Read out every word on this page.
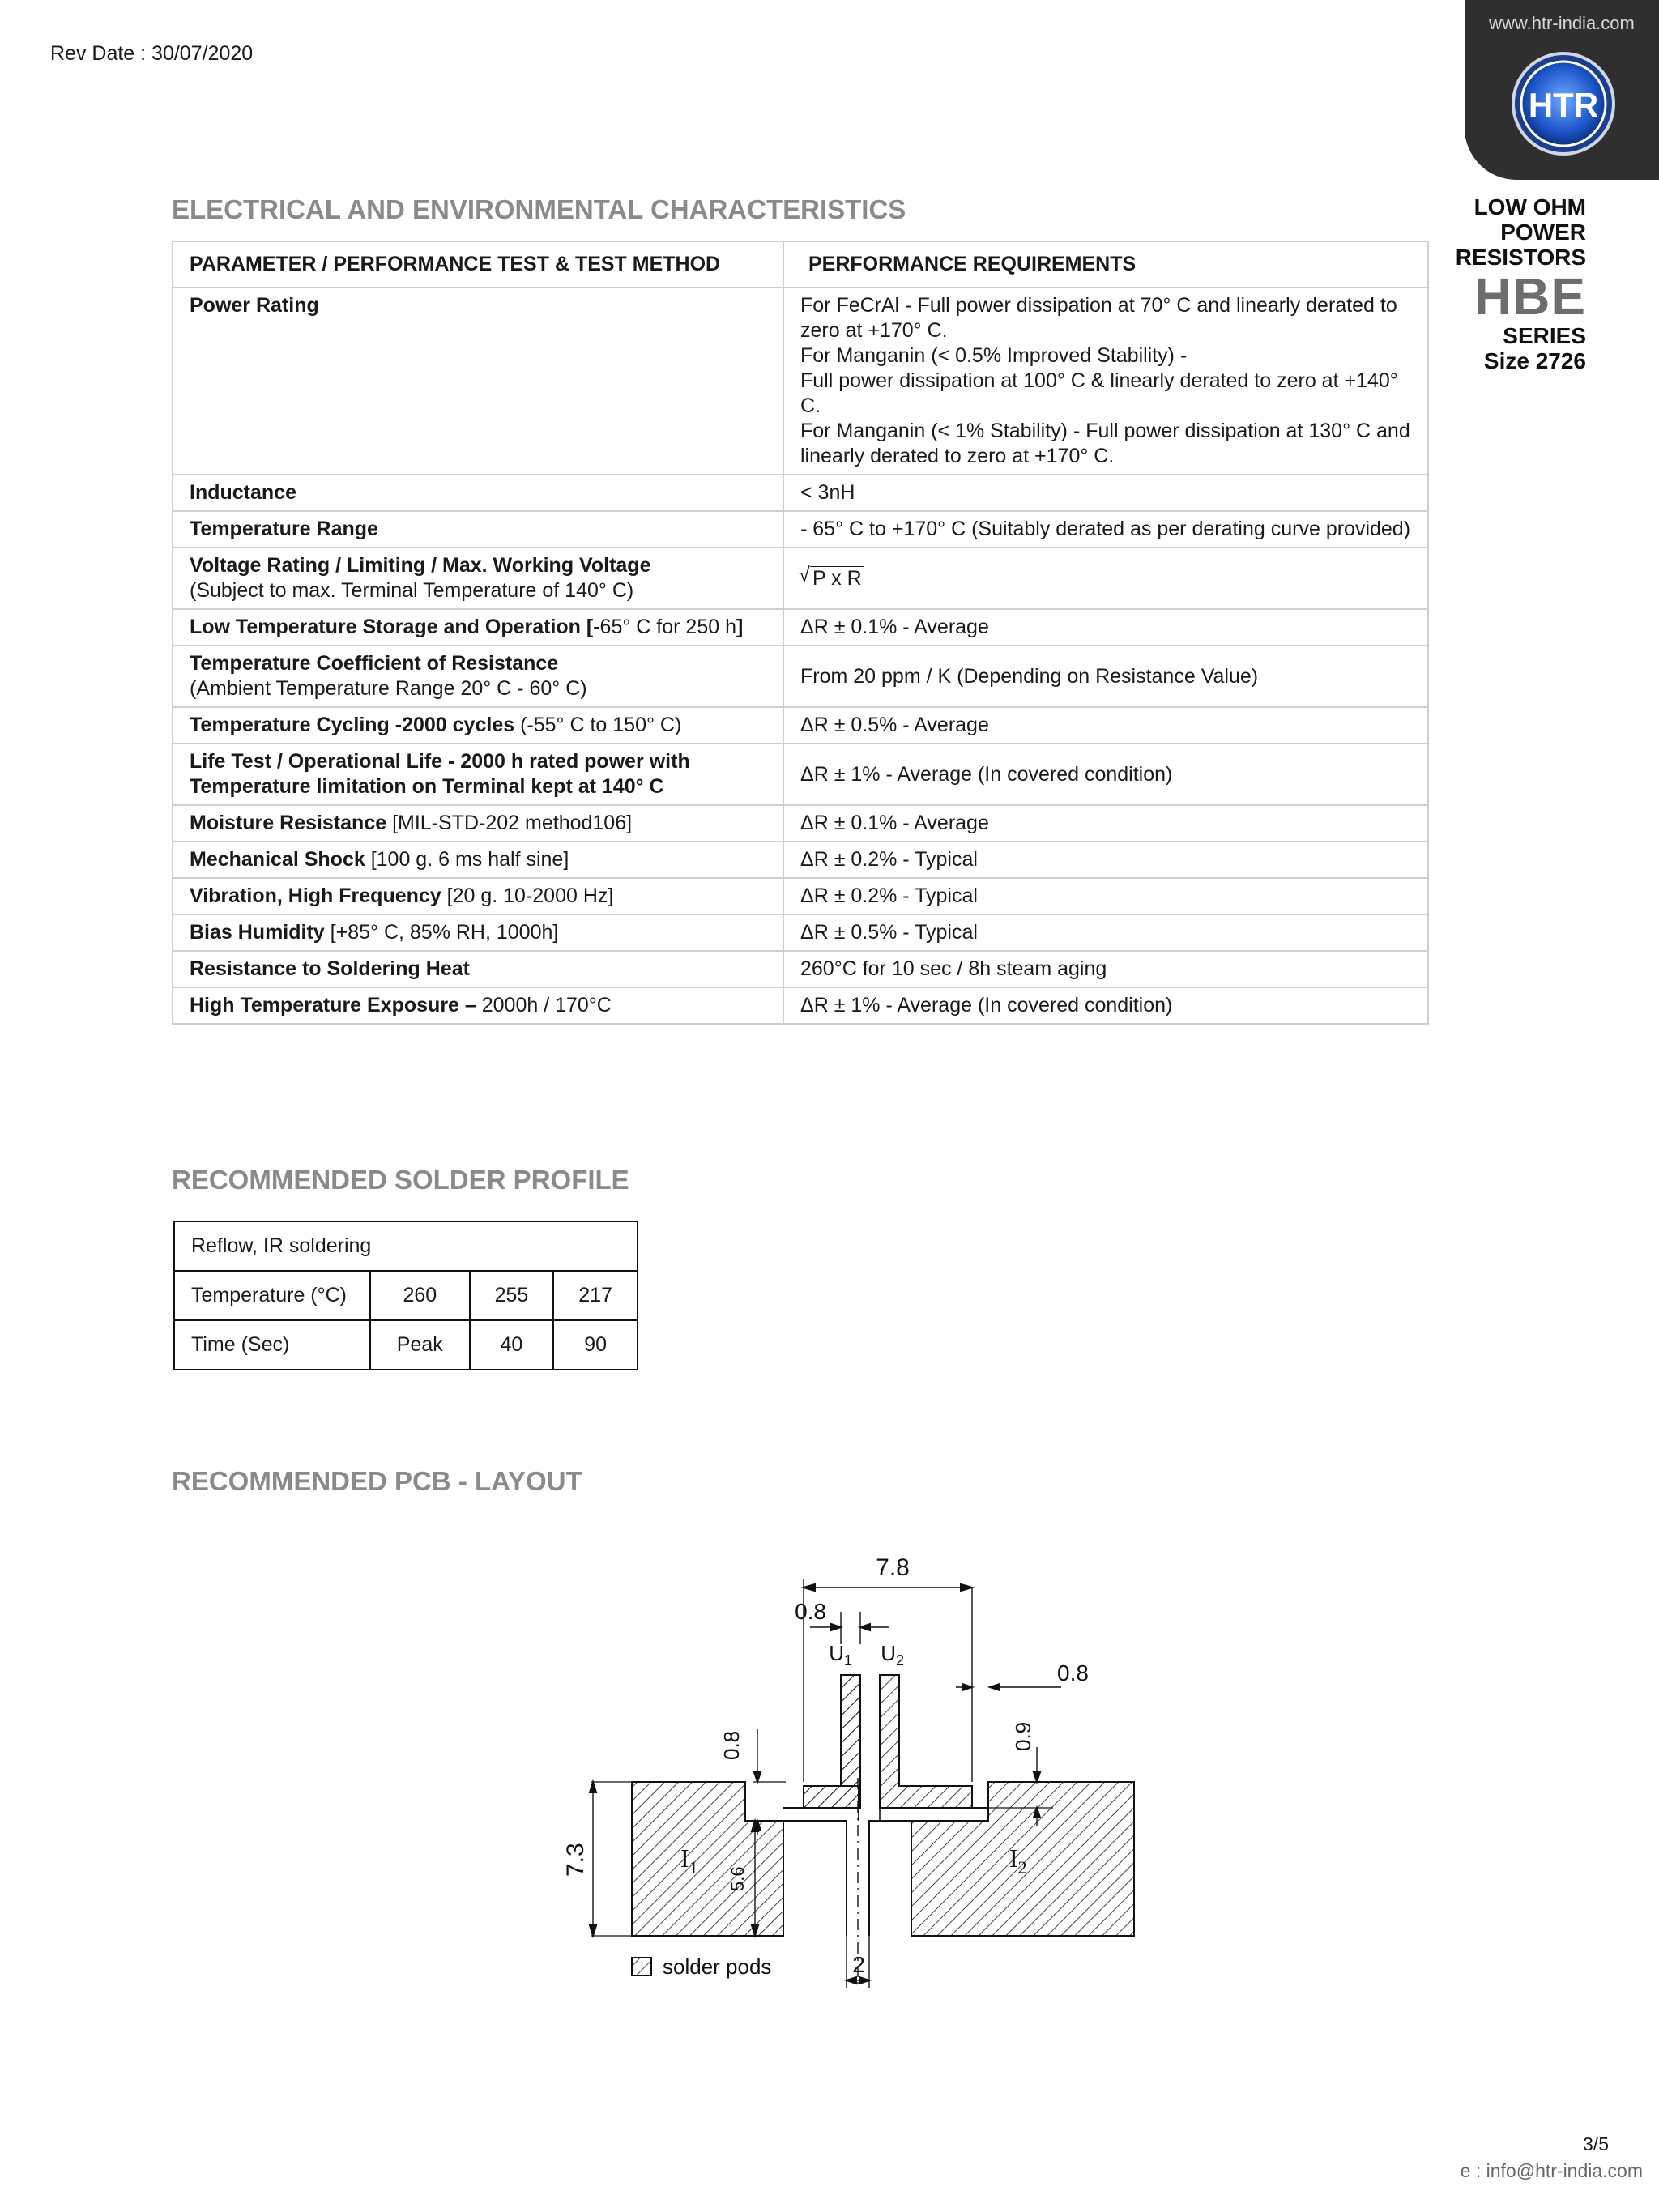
Rev Date : 30/07/2020
www.htr-india.com
HTR
LOW OHM
POWER
RESISTORS
HBE
SERIES
Size 2726
ELECTRICAL AND ENVIRONMENTAL CHARACTERISTICS
PARAMETER / PERFORMANCE TEST & TEST METHOD	PERFORMANCE REQUIREMENTS
Power Rating	For FeCrAl - Full power dissipation at 70° C and linearly derated to zero at +170° C.
For Manganin (< 0.5% Improved Stability) -
Full power dissipation at 100° C & linearly derated to zero at +140° C.
For Manganin (< 1% Stability) - Full power dissipation at 130° C and linearly derated to zero at +170° C.
Inductance	< 3nH
Temperature Range	- 65° C to +170° C (Suitably derated as per derating curve provided)
Voltage Rating / Limiting / Max. Working Voltage
(Subject to max. Terminal Temperature of 140° C)	√ P x R
Low Temperature Storage and Operation [-65° C for 250 h]	ΔR ± 0.1% - Average
Temperature Coefficient of Resistance
(Ambient Temperature Range 20° C - 60° C)	From 20 ppm / K (Depending on Resistance Value)
Temperature Cycling -2000 cycles (-55° C to 150° C)	ΔR ± 0.5% - Average
Life Test / Operational Life - 2000 h rated power with Temperature limitation on Terminal kept at 140° C	ΔR ± 1% - Average (In covered condition)
Moisture Resistance [MIL-STD-202 method106]	ΔR ± 0.1% - Average
Mechanical Shock [100 g. 6 ms half sine]	ΔR ± 0.2% - Typical
Vibration, High Frequency [20 g. 10-2000 Hz]	ΔR ± 0.2% - Typical
Bias Humidity [+85° C, 85% RH, 1000h]	ΔR ± 0.5% - Typical
Resistance to Soldering Heat	260°C for 10 sec / 8h steam aging
High Temperature Exposure – 2000h / 170°C	ΔR ± 1% - Average (In covered condition)
RECOMMENDED SOLDER PROFILE
Reflow, IR soldering			
Temperature (°C)	260	255	217
Time (Sec)	Peak	40	90
RECOMMENDED PCB - LAYOUT
7.8
0.8
$U_1$ $U_2$	0.8
0.9
0.8
7.3
5.6
$I_1$	$I_2$
2
solder pods
3/5
e : info@htr-india.com
